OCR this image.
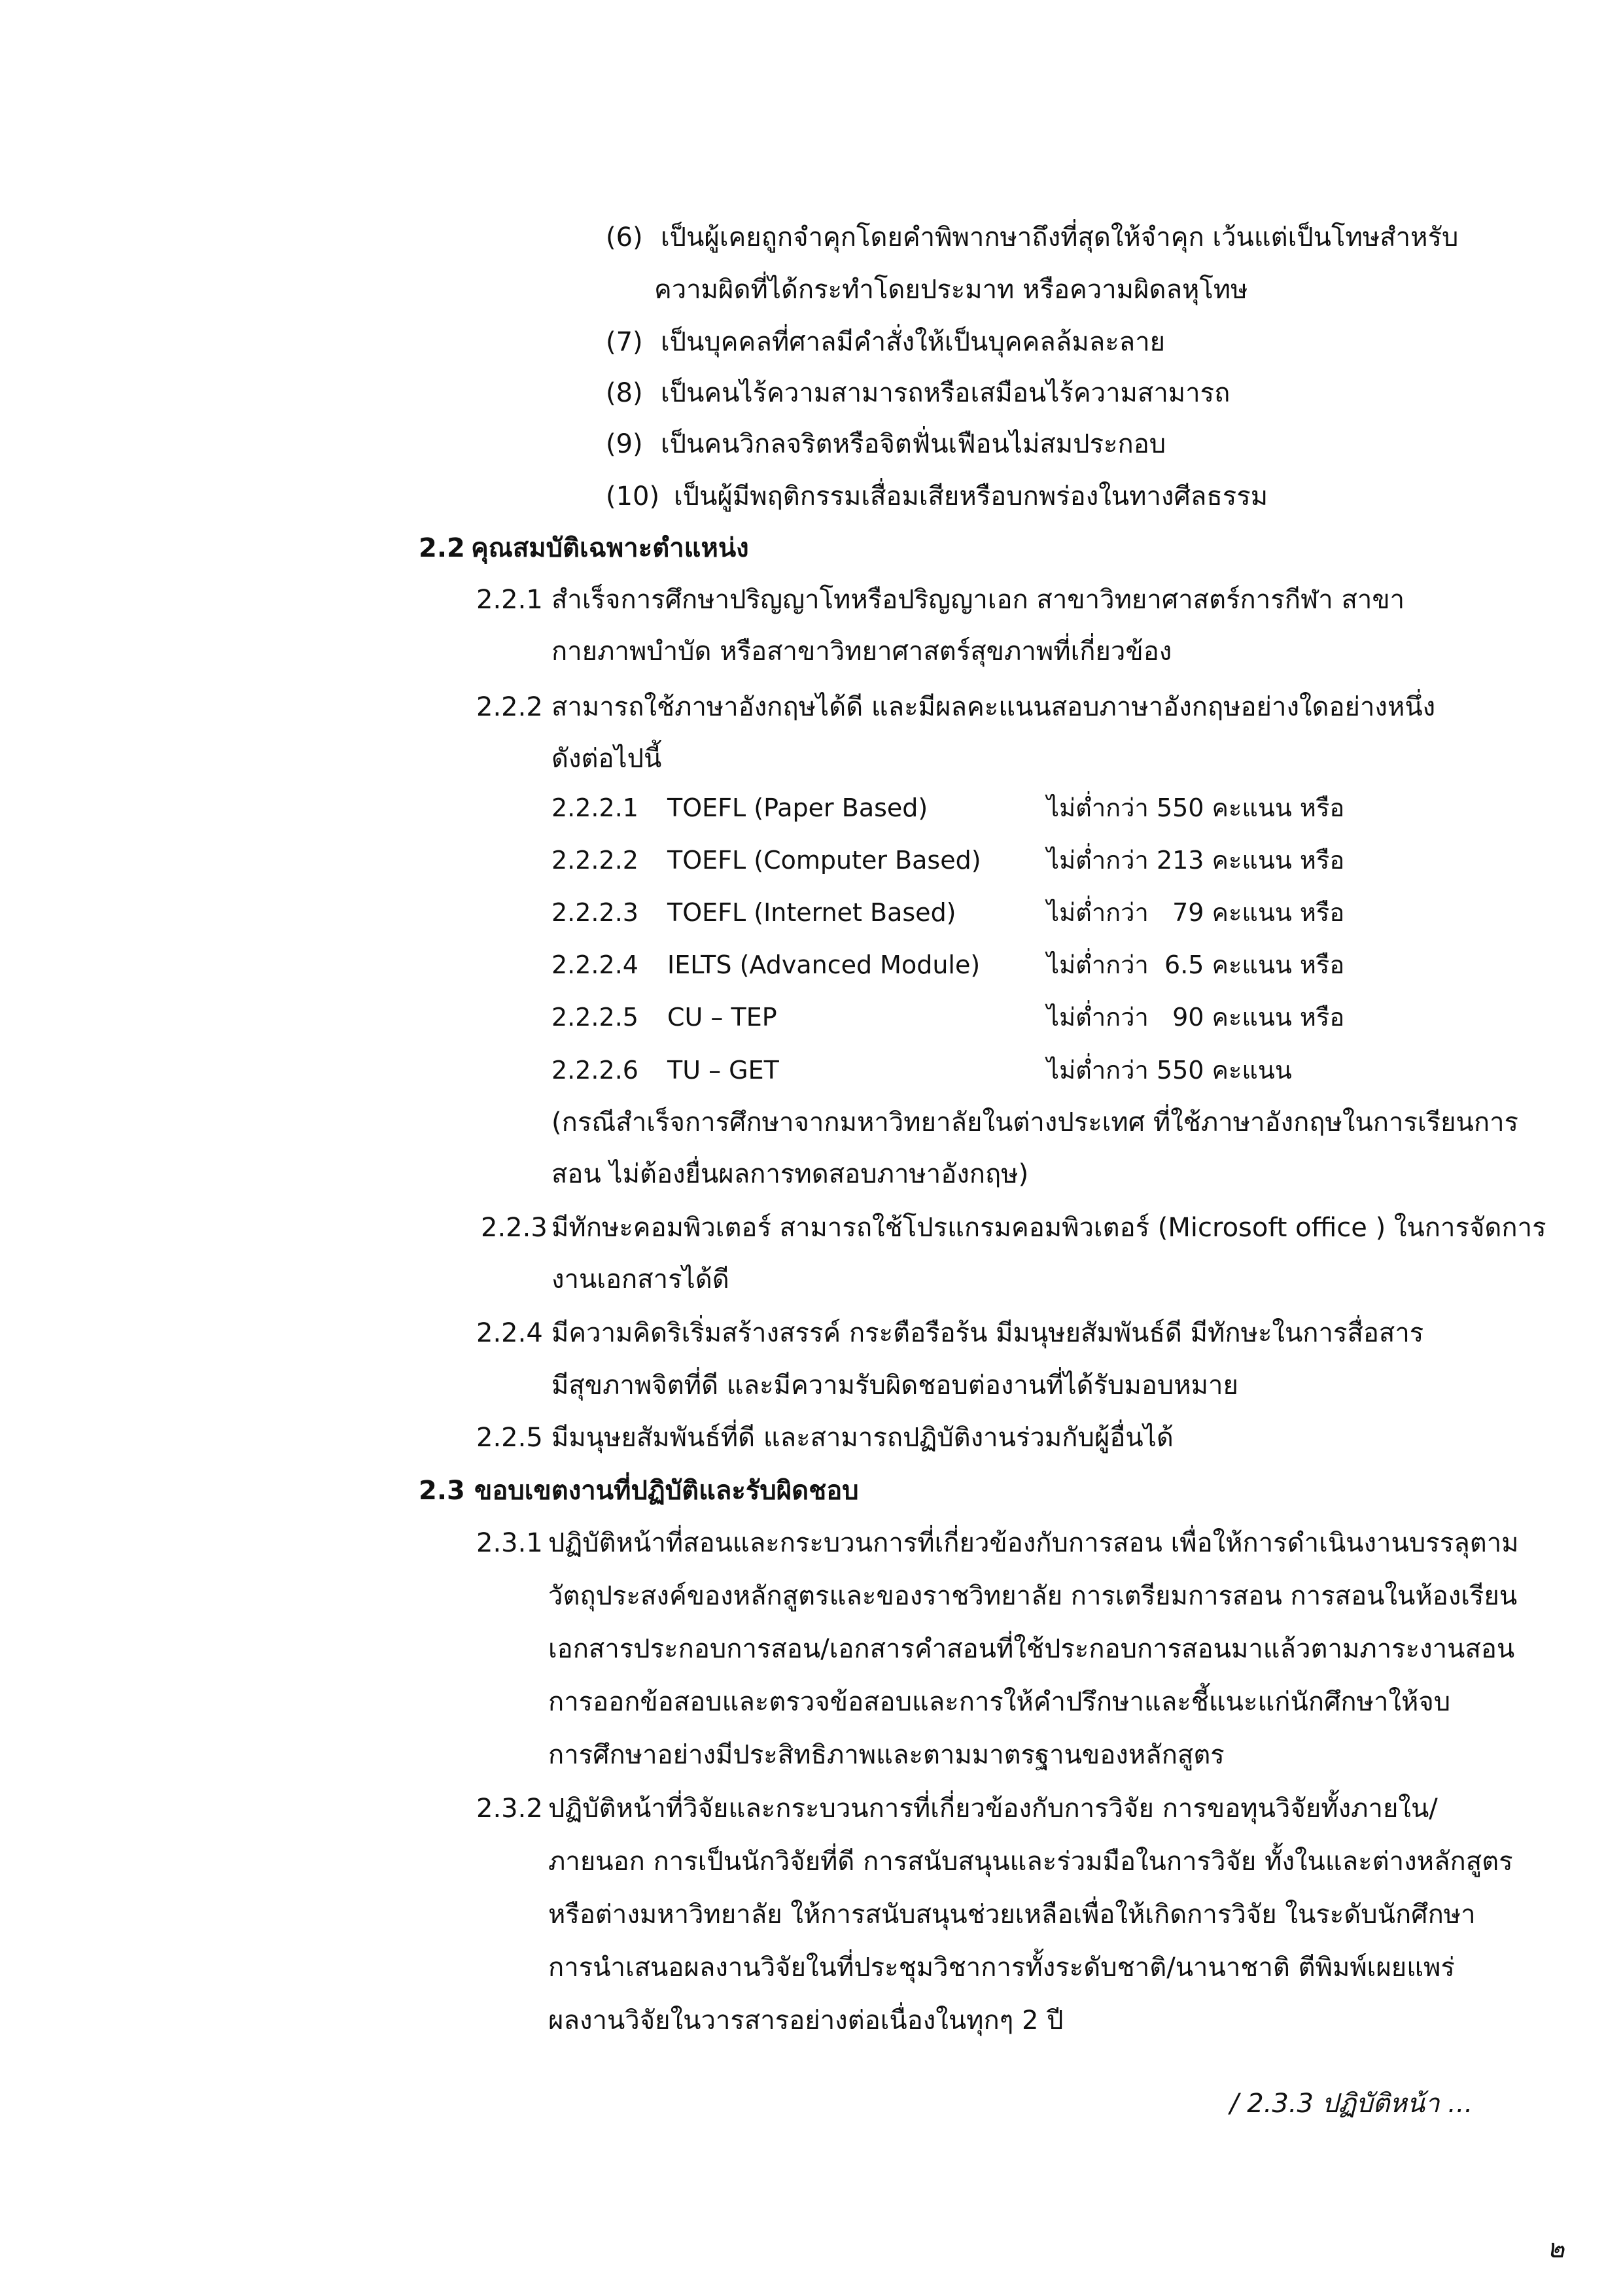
(6) เป็นผู้เคยถูกจำคุกโดยคำพิพากษาถึงที่สุดให้จำคุก เว้นแต่เป็นโทษสำหรับ
ความผิดที่ได้กระทำโดยประมาท หรือความผิดลหุโทษ
(7) เป็นบุคคลที่ศาลมีคำสั่งให้เป็นบุคคลล้มละลาย
(8) เป็นคนไร้ความสามารถหรือเสมือนไร้ความสามารถ
(9) เป็นคนวิกลจริตหรือจิตฟั่นเฟือนไม่สมประกอบ
(10) เป็นผู้มีพฤติกรรมเสื่อมเสียหรือบกพร่องในทางศีลธรรม
2.2 คุณสมบัติเฉพาะตำแหน่ง
2.2.1 สำเร็จการศึกษาปริญญาโทหรือปริญญาเอก สาขาวิทยาศาสตร์การกีฬา สาขา
กายภาพบำบัด หรือสาขาวิทยาศาสตร์สุขภาพที่เกี่ยวข้อง
2.2.2 สามารถใช้ภาษาอังกฤษได้ดี และมีผลคะแนนสอบภาษาอังกฤษอย่างใดอย่างหนึ่ง
ดังต่อไปนี้
2.2.2.1 TOEFL (Paper Based)	ไม่ต่ำกว่า 550 คะแนน หรือ
2.2.2.2 TOEFL (Computer Based)	ไม่ต่ำกว่า 213 คะแนน หรือ
2.2.2.3 TOEFL (Internet Based)	ไม่ต่ำกว่า   79 คะแนน หรือ
2.2.2.4 IELTS (Advanced Module)	ไม่ต่ำกว่า  6.5 คะแนน หรือ
2.2.2.5 CU – TEP	ไม่ต่ำกว่า   90 คะแนน หรือ
2.2.2.6 TU – GET	ไม่ต่ำกว่า 550 คะแนน
(กรณีสำเร็จการศึกษาจากมหาวิทยาลัยในต่างประเทศ ที่ใช้ภาษาอังกฤษในการเรียนการ
สอน ไม่ต้องยื่นผลการทดสอบภาษาอังกฤษ)
2.2.3 มีทักษะคอมพิวเตอร์ สามารถใช้โปรแกรมคอมพิวเตอร์ (Microsoft office ) ในการจัดการ
งานเอกสารได้ดี
2.2.4 มีความคิดริเริ่มสร้างสรรค์ กระตือรือร้น มีมนุษยสัมพันธ์ดี มีทักษะในการสื่อสาร
มีสุขภาพจิตที่ดี และมีความรับผิดชอบต่องานที่ได้รับมอบหมาย
2.2.5 มีมนุษยสัมพันธ์ที่ดี และสามารถปฏิบัติงานร่วมกับผู้อื่นได้
2.3 ขอบเขตงานที่ปฏิบัติและรับผิดชอบ
2.3.1 ปฏิบัติหน้าที่สอนและกระบวนการที่เกี่ยวข้องกับการสอน เพื่อให้การดำเนินงานบรรลุตาม
วัตถุประสงค์ของหลักสูตรและของราชวิทยาลัย การเตรียมการสอน การสอนในห้องเรียน
เอกสารประกอบการสอน/เอกสารคำสอนที่ใช้ประกอบการสอนมาแล้วตามภาระงานสอน
การออกข้อสอบและตรวจข้อสอบและการให้คำปรึกษาและชี้แนะแก่นักศึกษาให้จบ
การศึกษาอย่างมีประสิทธิภาพและตามมาตรฐานของหลักสูตร
2.3.2 ปฏิบัติหน้าที่วิจัยและกระบวนการที่เกี่ยวข้องกับการวิจัย การขอทุนวิจัยทั้งภายใน/
ภายนอก การเป็นนักวิจัยที่ดี การสนับสนุนและร่วมมือในการวิจัย ทั้งในและต่างหลักสูตร
หรือต่างมหาวิทยาลัย ให้การสนับสนุนช่วยเหลือเพื่อให้เกิดการวิจัย ในระดับนักศึกษา
การนำเสนอผลงานวิจัยในที่ประชุมวิชาการทั้งระดับชาติ/นานาชาติ ตีพิมพ์เผยแพร่
ผลงานวิจัยในวารสารอย่างต่อเนื่องในทุกๆ 2 ปี
/ 2.3.3 ปฏิบัติหน้า ...
๒
